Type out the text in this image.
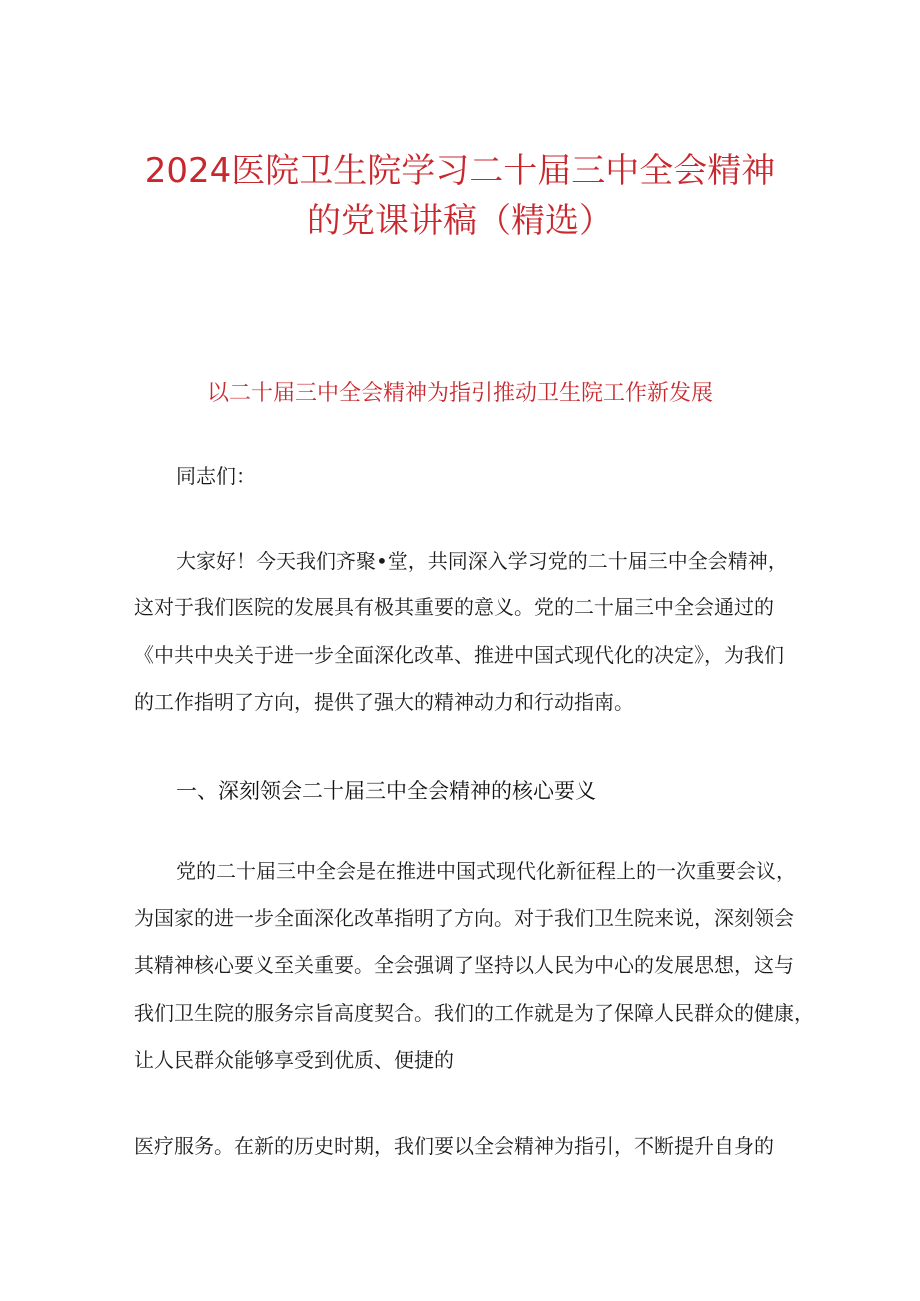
2024医院卫生院学习二十届三中全会精神
的党课讲稿（精选）
以二十届三中全会精神为指引推动卫生院工作新发展

同志们：

大家好！今天我们齐聚•堂，共同深入学习党的二十届三中全会精神，

这对于我们医院的发展具有极其重要的意义。党的二十届三中全会通过的

《中共中央关于进一步全面深化改革、推进中国式现代化的决定》，为我们

的工作指明了方向，提供了强大的精神动力和行动指南。

一、深刻领会二十届三中全会精神的核心要义

党的二十届三中全会是在推进中国式现代化新征程上的一次重要会议，

为国家的进一步全面深化改革指明了方向。对于我们卫生院来说，深刻领会

其精神核心要义至关重要。全会强调了坚持以人民为中心的发展思想，这与

我们卫生院的服务宗旨高度契合。我们的工作就是为了保障人民群众的健康，

让人民群众能够享受到优质、便捷的

医疗服务。在新的历史时期，我们要以全会精神为指引，不断提升自身的
